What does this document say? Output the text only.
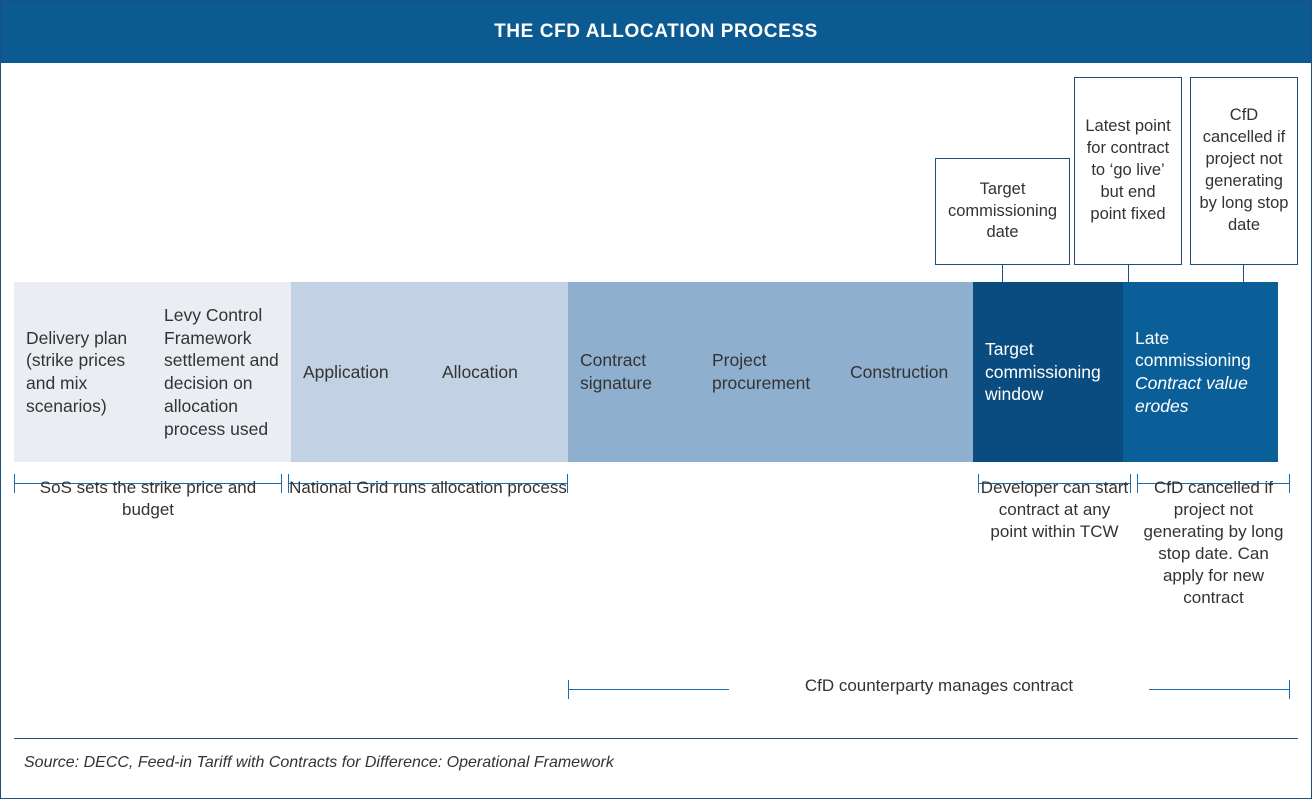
THE CFD ALLOCATION PROCESS
Target commissioning date
Latest point for contract to ‘go live’ but end point fixed
CfD cancelled if project not generating by long stop date
Delivery plan (strike prices and mix scenarios)
Levy Control Framework settlement and decision on allocation process used
Application	Allocation
Contract signature
Project procurement
Construction
Target commissioning window
Late commissioning Contract value erodes
SoS sets the strike price and budget
National Grid runs allocation process	Developer can start contract at any point within TCW
CfD cancelled if project not generating by long stop date. Can apply for new contract
CfD counterparty manages contract
Source: DECC, Feed-in Tariff with Contracts for Difference: Operational Framework
